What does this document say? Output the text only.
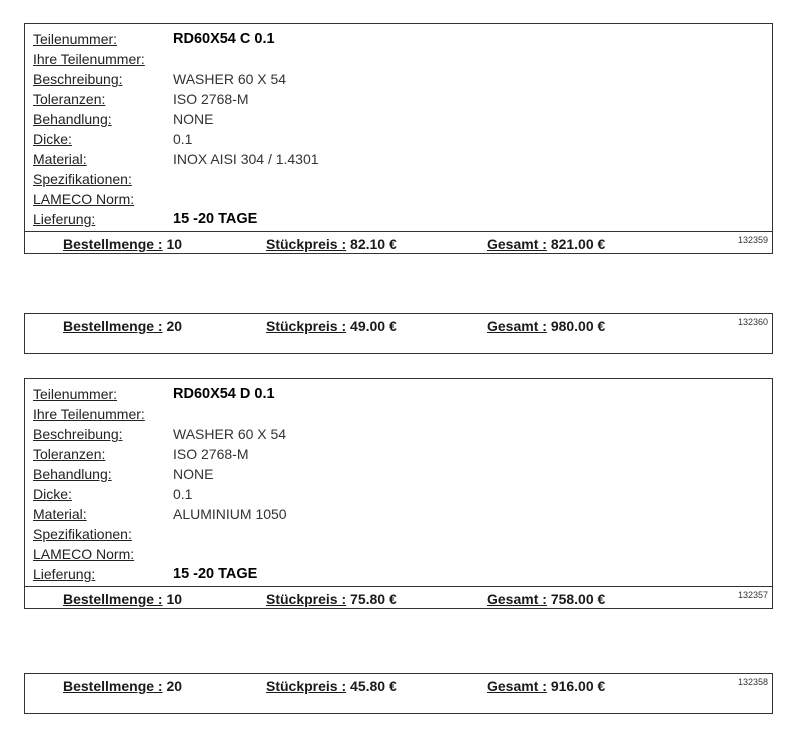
Teilenummer:	RD60X54 C 0.1
Ihre Teilenummer:
Beschreibung:	WASHER 60 X 54
Toleranzen:	ISO 2768-M
Behandlung:	NONE
Dicke:	0.1
Material:	INOX AISI 304 / 1.4301
Spezifikationen:
LAMECO Norm:
Lieferung:	15 -20 TAGE
Bestellmenge : 10	Stückpreis : 82.10 €	Gesamt : 821.00 €	132359
Bestellmenge : 20	Stückpreis : 49.00 €	Gesamt : 980.00 €	132360
Teilenummer:	RD60X54 D 0.1
Ihre Teilenummer:
Beschreibung:	WASHER 60 X 54
Toleranzen:	ISO 2768-M
Behandlung:	NONE
Dicke:	0.1
Material:	ALUMINIUM 1050
Spezifikationen:
LAMECO Norm:
Lieferung:	15 -20 TAGE
Bestellmenge : 10	Stückpreis : 75.80 €	Gesamt : 758.00 €	132357
Bestellmenge : 20	Stückpreis : 45.80 €	Gesamt : 916.00 €	132358
